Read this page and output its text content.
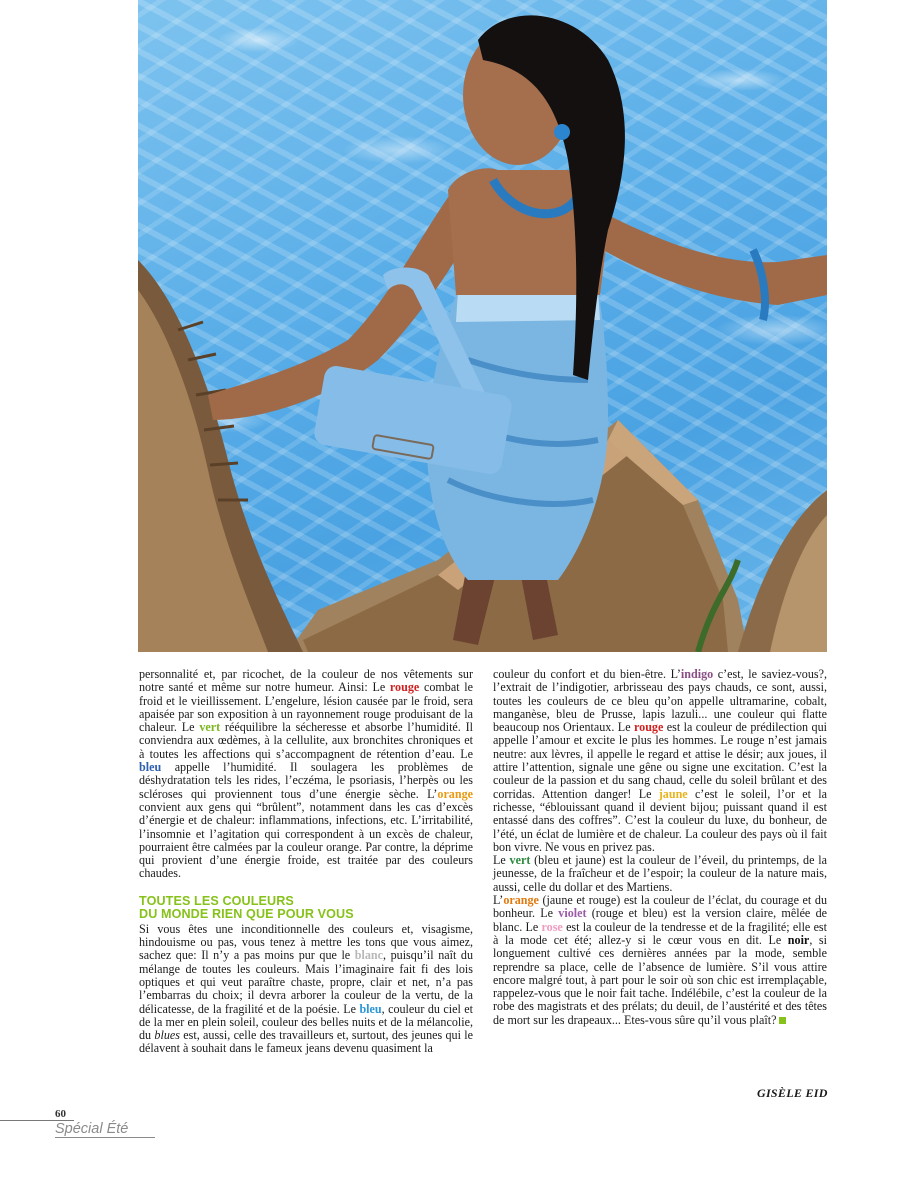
personnalité et, par ricochet, de la couleur de nos vêtements sur notre santé et même sur notre humeur. Ainsi: Le rouge combat le froid et le vieillissement. L’engelure, lésion causée par le froid, sera apaisée par son exposition à un rayonnement rouge produisant de la chaleur. Le vert rééquilibre la sécheresse et absorbe l’humidité. Il conviendra aux œdèmes, à la cellulite, aux bronchites chroniques et à toutes les affections qui s’accompagnent de rétention d’eau. Le bleu appelle l’humidité. Il soulagera les problèmes de déshydratation tels les rides, l’eczéma, le psoriasis, l’herpès ou les scléroses qui proviennent tous d’une énergie sèche. L’orange convient aux gens qui “brûlent”, notamment dans les cas d’excès d’énergie et de chaleur: inflammations, infections, etc. L’irritabilité, l’insomnie et l’agitation qui correspondent à un excès de chaleur, pourraient être calmées par la couleur orange. Par contre, la déprime qui provient d’une énergie froide, est traitée par des couleurs chaudes.

TOUTES LES COULEURS
DU MONDE RIEN QUE POUR VOUS

Si vous êtes une inconditionnelle des couleurs et, visagisme, hindouisme ou pas, vous tenez à mettre les tons que vous aimez, sachez que: Il n’y a pas moins pur que le blanc, puisqu’il naît du mélange de toutes les couleurs. Mais l’imaginaire fait fi des lois optiques et qui veut paraître chaste, propre, clair et net, n’a pas l’embarras du choix; il devra arborer la couleur de la vertu, de la délicatesse, de la fragilité et de la poésie. Le bleu, couleur du ciel et de la mer en plein soleil, couleur des belles nuits et de la mélancolie, du blues est, aussi, celle des travailleurs et, surtout, des jeunes qui le délavent à souhait dans le fameux jeans devenu quasiment la

couleur du confort et du bien-être. L’indigo c’est, le saviez-vous?, l’extrait de l’indigotier, arbrisseau des pays chauds, ce sont, aussi, toutes les couleurs de ce bleu qu’on appelle ultramarine, cobalt, manganèse, bleu de Prusse, lapis lazuli... une couleur qui flatte beaucoup nos Orientaux. Le rouge est la couleur de prédilection qui appelle l’amour et excite le plus les hommes. Le rouge n’est jamais neutre: aux lèvres, il appelle le regard et attise le désir; aux joues, il attire l’attention, signale une gêne ou signe une excitation. C’est la couleur de la passion et du sang chaud, celle du soleil brûlant et des corridas. Attention danger! Le jaune c’est le soleil, l’or et la richesse, “éblouissant quand il devient bijou; puissant quand il est entassé dans des coffres”. C’est la couleur du luxe, du bonheur, de l’été, un éclat de lumière et de chaleur. La couleur des pays où il fait bon vivre. Ne vous en privez pas.

Le vert (bleu et jaune) est la couleur de l’éveil, du printemps, de la jeunesse, de la fraîcheur et de l’espoir; la couleur de la nature mais, aussi, celle du dollar et des Martiens.

L’orange (jaune et rouge) est la couleur de l’éclat, du courage et du bonheur. Le violet (rouge et bleu) est la version claire, mêlée de blanc. Le rose est la couleur de la tendresse et de la fragilité; elle est à la mode cet été; allez-y si le cœur vous en dit. Le noir, si longuement cultivé ces dernières années par la mode, semble reprendre sa place, celle de l’absence de lumière. S’il vous attire encore malgré tout, à part pour le soir où son chic est irremplaçable, rappelez-vous que le noir fait tache. Indélébile, c’est la couleur de la robe des magistrats et des prélats; du deuil, de l’austérité et des têtes de mort sur les drapeaux... Etes-vous sûre qu’il vous plaît?

GISÈLE EID
60
Spécial Été
